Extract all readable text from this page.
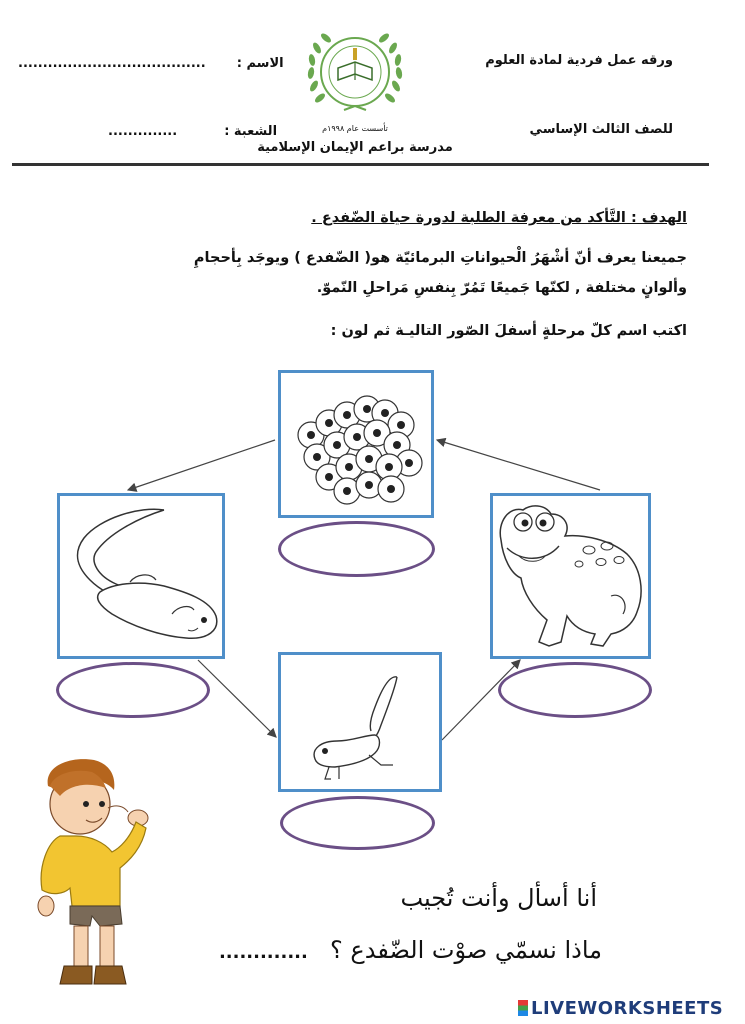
ورقه عمل فردية لمادة العلوم
للصف الثالث الإساسي
...................................... الاسم :
..............	الشعبة :	تأسست عام ١٩٩٨م
مدرسة براعم الإيمان الإسلامية
الهدف : التَّأكد من معرفة الطلبة لدورة حياة الضّفدع .
جميعنا يعرف أنّ أشْهَرُ الْحيواناتِ البرمائيّة هو( الضّفدع ) ويوجَد بِأحجامِ
وألوانٍ مختلفة , لكنّها جَميعًا تَمُرّ بِنفسِ مَراحلِ النّموّ.
اكتب اسم كلّ مرحلةٍ أسفلَ الصّور التاليـة ثم لون :
أنا أسأل وأنت تُجيب
............. ماذا نسمّي صوْت الضّفدع ؟
LIVEWORKSHEETS
